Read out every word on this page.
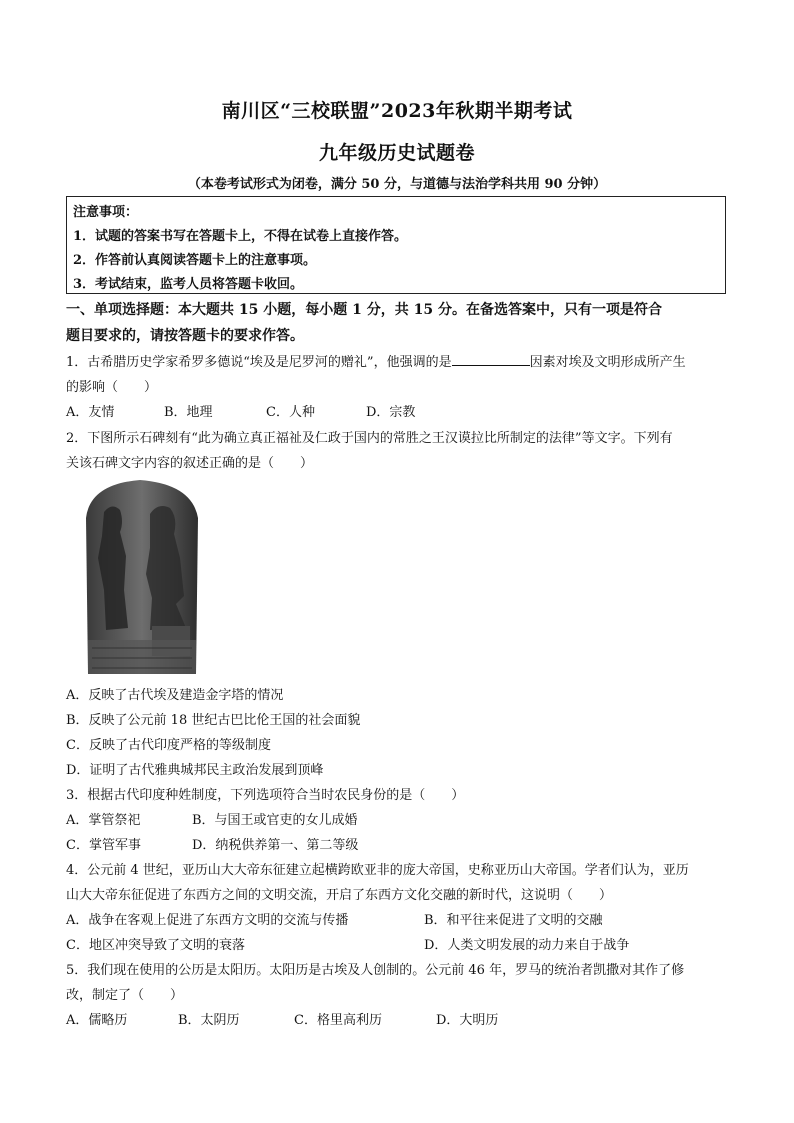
南川区“三校联盟”2023年秋期半期考试
九年级历史试题卷
（本卷考试形式为闭卷，满分 50 分，与道德与法治学科共用 90 分钟）
注意事项：
1．试题的答案书写在答题卡上，不得在试卷上直接作答。
2．作答前认真阅读答题卡上的注意事项。
3．考试结束，监考人员将答题卡收回。
一、单项选择题：本大题共 15 小题，每小题 1 分，共 15 分。在备选答案中，只有一项是符合
题目要求的，请按答题卡的要求作答。
1．古希腊历史学家希罗多德说“埃及是尼罗河的赠礼”，他强调的是	因素对埃及文明形成所产生
的影响（　　）
A．友情	B．地理	C．人种	D．宗教
2．下图所示石碑刻有“此为确立真正福祉及仁政于国内的常胜之王汉谟拉比所制定的法律”等文字。下列有
关该石碑文字内容的叙述正确的是（　　）
A．反映了古代埃及建造金字塔的情况
B．反映了公元前 18 世纪古巴比伦王国的社会面貌
C．反映了古代印度严格的等级制度
D．证明了古代雅典城邦民主政治发展到顶峰
3．根据古代印度种姓制度，下列选项符合当时农民身份的是（　　）
A．掌管祭祀	B．与国王或官吏的女儿成婚
C．掌管军事	D．纳税供养第一、第二等级
4．公元前 4 世纪，亚历山大大帝东征建立起横跨欧亚非的庞大帝国，史称亚历山大帝国。学者们认为，亚历
山大大帝东征促进了东西方之间的文明交流，开启了东西方文化交融的新时代，这说明（　　）
A．战争在客观上促进了东西方文明的交流与传播	B．和平往来促进了文明的交融
C．地区冲突导致了文明的衰落	D．人类文明发展的动力来自于战争
5．我们现在使用的公历是太阳历。太阳历是古埃及人创制的。公元前 46 年，罗马的统治者凯撒对其作了修
改，制定了（　　）
A．儒略历	B．太阴历	C．格里高利历	D．大明历
